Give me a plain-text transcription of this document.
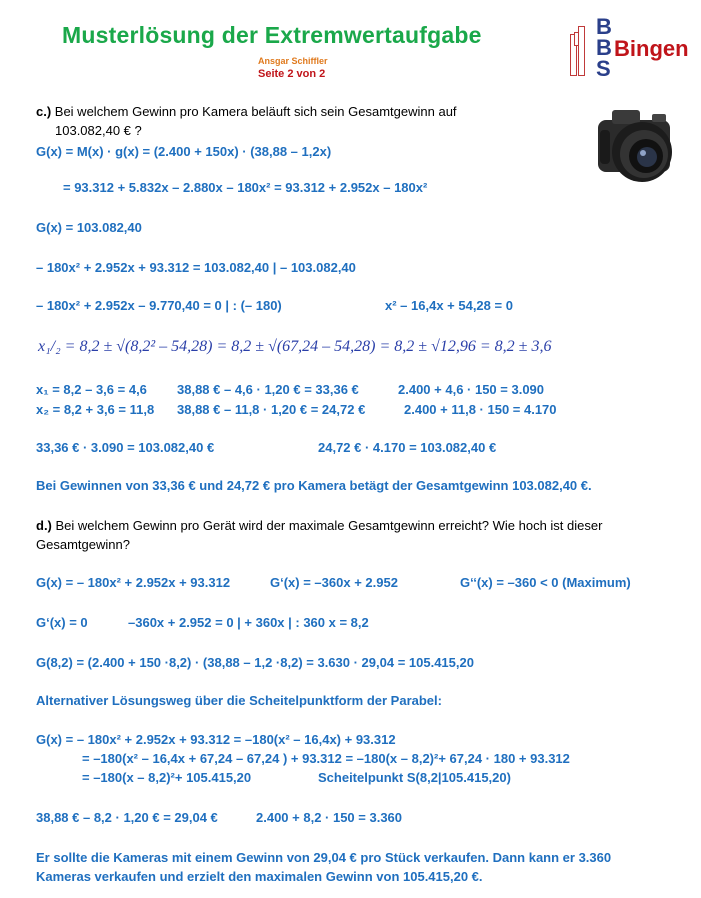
Musterlösung der Extremwertaufgabe
Ansgar Schiffler
Seite 2 von 2
B
B
S
Bingen
c.) Bei welchem Gewinn pro Kamera beläuft sich sein Gesamtgewinn auf
103.082,40 € ?
G(x) = M(x) · g(x) = (2.400 + 150x) · (38,88 – 1,2x)
= 93.312 + 5.832x – 2.880x – 180x² = 93.312 + 2.952x – 180x²
G(x) = 103.082,40
– 180x² + 2.952x + 93.312 = 103.082,40 | – 103.082,40
– 180x² + 2.952x – 9.770,40 = 0 | : (– 180)	x² – 16,4x + 54,28 = 0
x₁/₂ = 8,2 ± √(8,2² – 54,28) = 8,2 ± √(67,24 – 54,28) = 8,2 ± √12,96 = 8,2 ± 3,6
x₁ = 8,2 – 3,6 = 4,6 38,88 € – 4,6 · 1,20 € = 33,36 €	2.400 + 4,6 · 150 = 3.090
x₂ = 8,2 + 3,6 = 11,8 38,88 € – 11,8 · 1,20 € = 24,72 €	2.400 + 11,8 · 150 = 4.170
33,36 € · 3.090 = 103.082,40 €	24,72 € · 4.170 = 103.082,40 €
Bei Gewinnen von 33,36 € und 24,72 € pro Kamera betägt der Gesamtgewinn 103.082,40 €.
d.) Bei welchem Gewinn pro Gerät wird der maximale Gesamtgewinn erreicht? Wie hoch ist dieser
Gesamtgewinn?
G(x) = – 180x² + 2.952x + 93.312	G‘(x) = –360x + 2.952	G‘‘(x) = –360 < 0 (Maximum)
G‘(x) = 0	–360x + 2.952 = 0 | + 360x | : 360 x = 8,2
G(8,2) = (2.400 + 150 ·8,2) · (38,88 – 1,2 ·8,2) = 3.630 · 29,04 = 105.415,20
Alternativer Lösungsweg über die Scheitelpunktform der Parabel:
G(x) = – 180x² + 2.952x + 93.312 = –180(x² – 16,4x) + 93.312
= –180(x² – 16,4x + 67,24 – 67,24 ) + 93.312 = –180(x – 8,2)²+ 67,24 · 180 + 93.312
= –180(x – 8,2)²+ 105.415,20	Scheitelpunkt S(8,2|105.415,20)
38,88 € – 8,2 · 1,20 € = 29,04 €	2.400 + 8,2 · 150 = 3.360
Er sollte die Kameras mit einem Gewinn von 29,04 € pro Stück verkaufen. Dann kann er 3.360
Kameras verkaufen und erzielt den maximalen Gewinn von 105.415,20 €.
